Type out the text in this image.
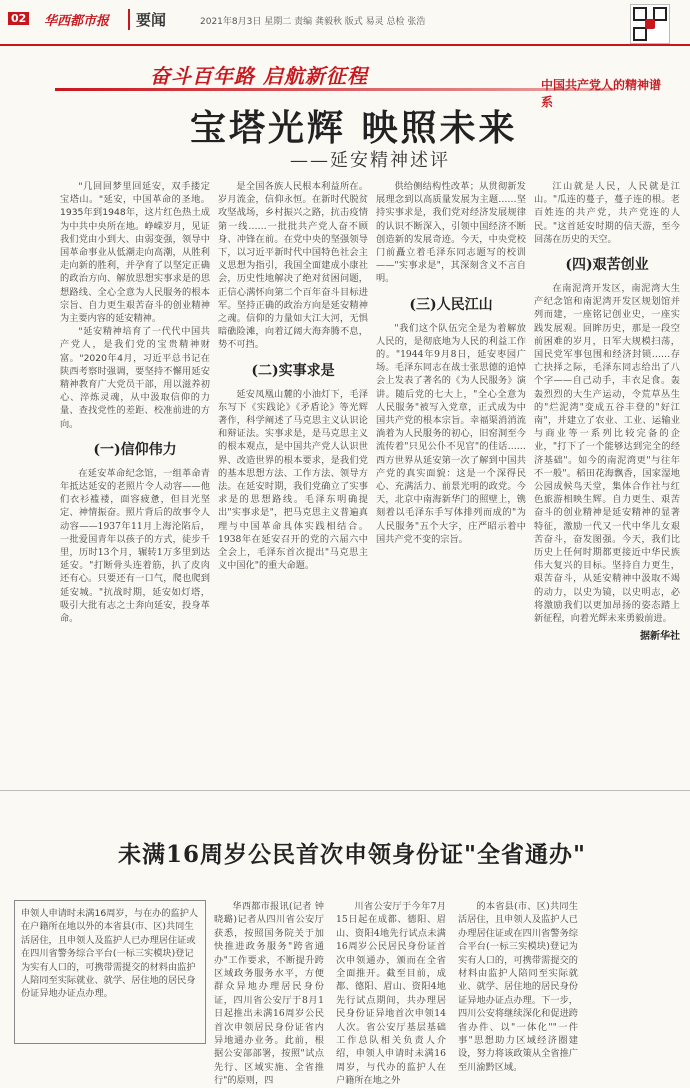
02 华西都市报	要闻	2021年8月3日 星期二 责编 龚毅秋 版式 易灵 总检 张浩
奋斗百年路 启航新征程	中国共产党人的精神谱系
宝塔光辉 映照未来
——延安精神述评

"几回回梦里回延安，双手搂定宝塔山。"延安，中国革命的圣地。1935年到1948年，这片红色热土成为中共中央所在地。峥嵘岁月，见证我们党由小到大、由弱变强，领导中国革命事业从低潮走向高潮，从胜利走向新的胜利，并孕育了以坚定正确的政治方向、解放思想实事求是的思想路线、全心全意为人民服务的根本宗旨、自力更生艰苦奋斗的创业精神为主要内容的延安精神。

"延安精神培育了一代代中国共产党人，是我们党的宝贵精神财富。"2020年4月，习近平总书记在陕西考察时强调，要坚持不懈用延安精神教育广大党员干部，用以滋养初心、淬炼灵魂，从中汲取信仰的力量、查找党性的差距、校准前进的方向。

(一)信仰伟力

在延安革命纪念馆，一组革命青年抵达延安的老照片令人动容——他们衣衫褴褛，面容疲惫，但目光坚定、神情振奋。照片背后的故事令人动容——1937年11月上海沦陷后，一批爱国青年以孩子的方式，徒步千里，历时13个月，辗转1万多里到达延安。"打断骨头连着筋，扒了皮肉还有心。只要还有一口气，爬也爬到延安城。"抗战时期，延安如灯塔，吸引大批有志之士奔向延安，投身革命。

是全国各族人民根本利益所在。岁月流金，信仰永恒。在新时代脱贫攻坚战场，乡村振兴之路，抗击疫情第一线……一批批共产党人奋不顾身、冲锋在前。在党中央的坚强领导下，以习近平新时代中国特色社会主义思想为指引，我国全面建成小康社会，历史性地解决了绝对贫困问题，正信心满怀向第二个百年奋斗目标进军。坚持正确的政治方向是延安精神之魂。信仰的力量如大江大河，无惧暗礁险滩，向着辽阔大海奔腾不息，势不可挡。

(二)实事求是

延安凤凰山麓的小油灯下，毛泽东写下《实践论》《矛盾论》等光辉著作，科学阐述了马克思主义认识论和辩证法。实事求是，是马克思主义的根本观点，是中国共产党人认识世界、改造世界的根本要求，是我们党的基本思想方法、工作方法、领导方法。在延安时期，我们党确立了实事求是的思想路线。毛泽东明确提出"实事求是"，把马克思主义普遍真理与中国革命具体实践相结合。1938年在延安召开的党的六届六中全会上，毛泽东首次提出"马克思主义中国化"的重大命题。

供给侧结构性改革；从贯彻新发展理念到以高质量发展为主题……坚持实事求是，我们党对经济发展规律的认识不断深入，引领中国经济不断创造新的发展奇迹。今天，中央党校门前矗立着毛泽东同志题写的校训——"实事求是"，其深刻含义不言自明。

(三)人民江山

"我们这个队伍完全是为着解放人民的，是彻底地为人民的利益工作的。"1944年9月8日，延安枣园广场。毛泽东同志在战士张思德的追悼会上发表了著名的《为人民服务》演讲。随后党的七大上，"全心全意为人民服务"被写入党章，正式成为中国共产党的根本宗旨。幸福渠消消流淌着为人民服务的初心，旧窑洞至今流传着"只见公仆不见官"的佳话……西方世界从延安第一次了解到中国共产党的真实面貌：这是一个深得民心、充满活力、前景光明的政党。今天，北京中南海新华门的照壁上，镌刻着以毛泽东手写体排列而成的"为人民服务"五个大字，庄严昭示着中国共产党不变的宗旨。

江山就是人民，人民就是江山。"瓜连的蔓子，蔓子连的根。老百姓连的共产党，共产党连的人民。"这首延安时期的信天游，至今回荡在历史的天空。

(四)艰苦创业

在南泥湾开发区，南泥湾大生产纪念馆和南泥湾开发区规划馆并列而建，一座铭记创业史，一座实践发展观。回眸历史，那是一段空前困难的岁月，日军大规模扫荡，国民党军事包围和经济封锁……存亡抉择之际，毛泽东同志给出了八个字——自己动手，丰衣足食。轰轰烈烈的大生产运动，令荒草丛生的"烂泥湾"变成五谷丰登的"好江南"，并建立了农业、工业、运输业与商业等一系列比较完备的企业，"打下了一个能够达到完全的经济基础"。如今的南泥湾更"与往年不一般"。稻田花海飘香，国家湿地公园成候鸟天堂，集体合作社与红色旅游相映生辉。自力更生、艰苦奋斗的创业精神是延安精神的显著特征，激励一代又一代中华儿女艰苦奋斗，奋发图强。今天，我们比历史上任何时期都更接近中华民族伟大复兴的目标。坚持自力更生，艰苦奋斗，从延安精神中汲取不竭的动力，以史为镜，以史明志，必将激励我们以更加昂扬的姿态踏上新征程，向着光辉未来勇毅前进。

据新华社
未满16周岁公民首次申领身份证"全省通办"
申领人申请时未满16周岁，与在办的监护人在户籍所在地以外的本省县(市、区)共同生活居住，且申领人及监护人已办理居住证或在四川省警务综合平台(一标三实模块)登记为实有人口的，可携带需提交的材料由监护人陪同至实际就业、就学、居住地的居民身份证异地办证点办理。

华西都市报讯(记者 钟晓璐)记者从四川省公安厅获悉，按照国务院关于加快推进政务服务"跨省通办"工作要求，不断提升跨区域政务服务水平，方便群众异地办理居民身份证，四川省公安厅于8月1日起推出未满16周岁公民首次申领居民身份证省内异地通办业务。此前，根据公安部部署，按照"试点先行、区域实施、全省推行"的原则，四

川省公安厅于今年7月15日起在成都、德阳、眉山、资阳4地先行试点未满16周岁公民居民身份证首次申领通办，颁而在全省全面推开。截至目前，成都、德阳、眉山、资阳4地先行试点期间，共办理居民身份证异地首次申领14人次。省公安厅基层基础工作总队相关负责人介绍，申领人申请时未满16周岁，与代办的监护人在户籍所在地之外

的本省县(市、区)共同生活居住，且申领人及监护人已办理居住证或在四川省警务综合平台(一标三实模块)登记为实有人口的，可携带需提交的材料由监护人陪同至实际就业、就学、居住地的居民身份证异地办证点办理。下一步，四川公安将继续深化和促进跨省办件、以"一体化""一件事"思想助力区域经济圈建设，努力将该政策从全省推广至川渝黔区域。
